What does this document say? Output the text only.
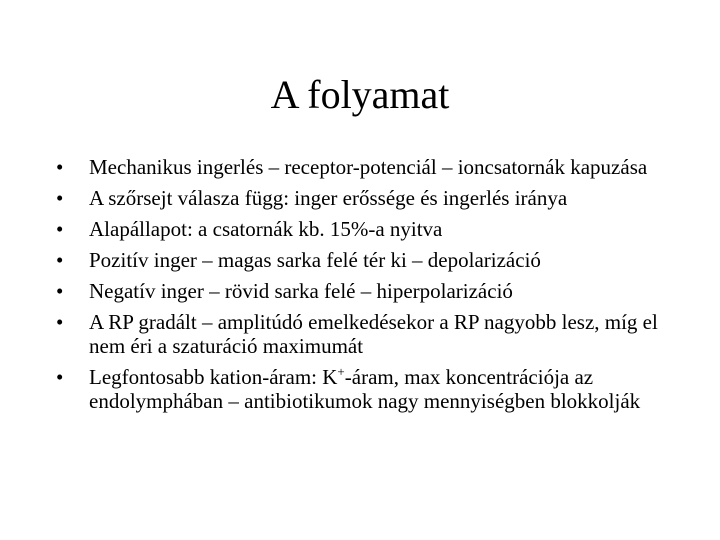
A folyamat
•	Mechanikus ingerlés – receptor-potenciál – ioncsatornák kapuzása
•	A szőrsejt válasza függ: inger erőssége és ingerlés iránya
•	Alapállapot: a csatornák kb. 15%-a nyitva
•	Pozitív inger – magas sarka felé tér ki – depolarizáció
•	Negatív inger – rövid sarka felé – hiperpolarizáció
•	A RP gradált – amplitúdó emelkedésekor a RP nagyobb lesz, míg el nem éri a szaturáció maximumát
•	Legfontosabb kation-áram: K+-áram, max koncentrációja az endolymphában – antibiotikumok nagy mennyiségben blokkolják
